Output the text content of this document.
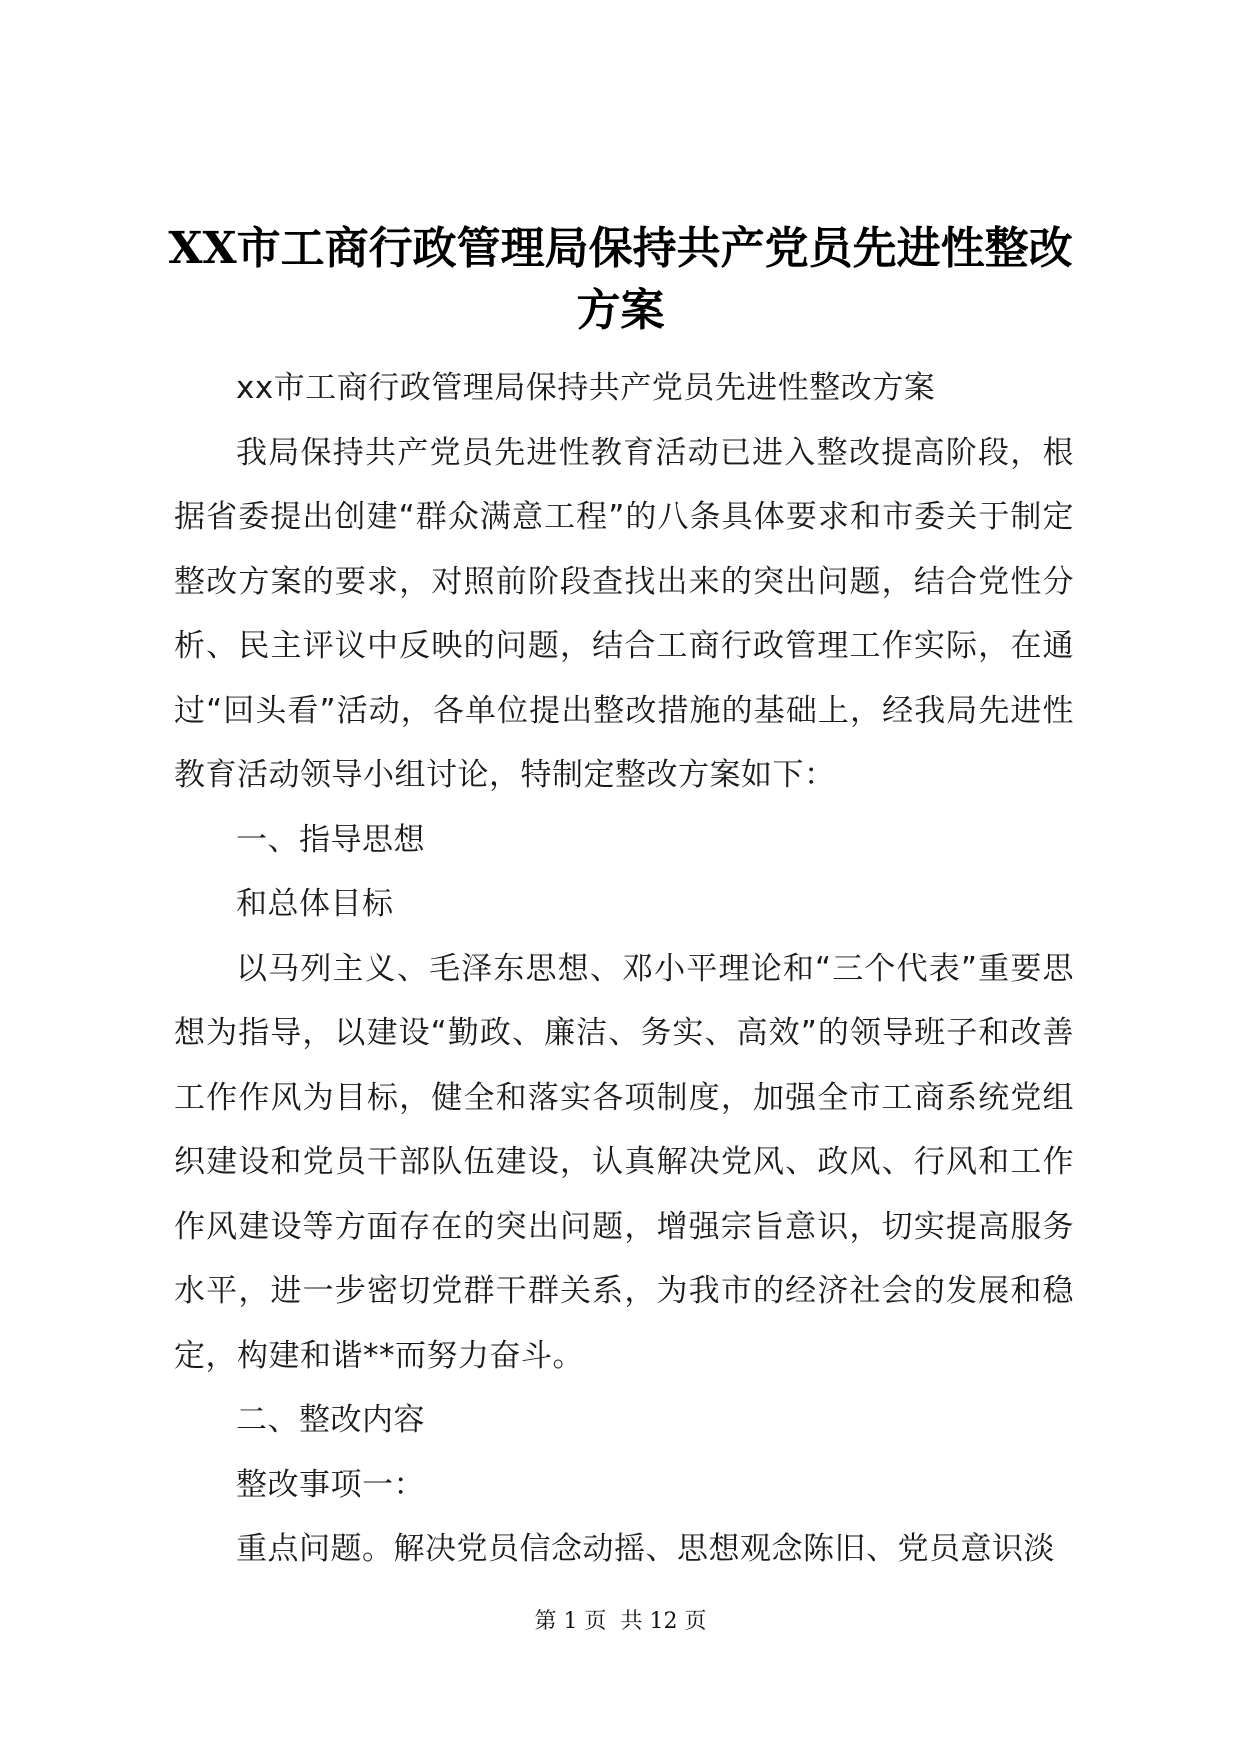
XX市工商行政管理局保持共产党员先进性整改方案

xx市工商行政管理局保持共产党员先进性整改方案

我局保持共产党员先进性教育活动已进入整改提高阶段，根据省委提出创建“群众满意工程”的八条具体要求和市委关于制定整改方案的要求，对照前阶段查找出来的突出问题，结合党性分析、民主评议中反映的问题，结合工商行政管理工作实际，在通过“回头看”活动，各单位提出整改措施的基础上，经我局先进性教育活动领导小组讨论，特制定整改方案如下：

一、指导思想

和总体目标

以马列主义、毛泽东思想、邓小平理论和“三个代表”重要思想为指导，以建设“勤政、廉洁、务实、高效”的领导班子和改善工作作风为目标，健全和落实各项制度，加强全市工商系统党组织建设和党员干部队伍建设，认真解决党风、政风、行风和工作作风建设等方面存在的突出问题，增强宗旨意识，切实提高服务水平，进一步密切党群干群关系，为我市的经济社会的发展和稳定，构建和谐**而努力奋斗。

二、整改内容

整改事项一：

重点问题。解决党员信念动摇、思想观念陈旧、党员意识淡

第 1 页  共 12 页
